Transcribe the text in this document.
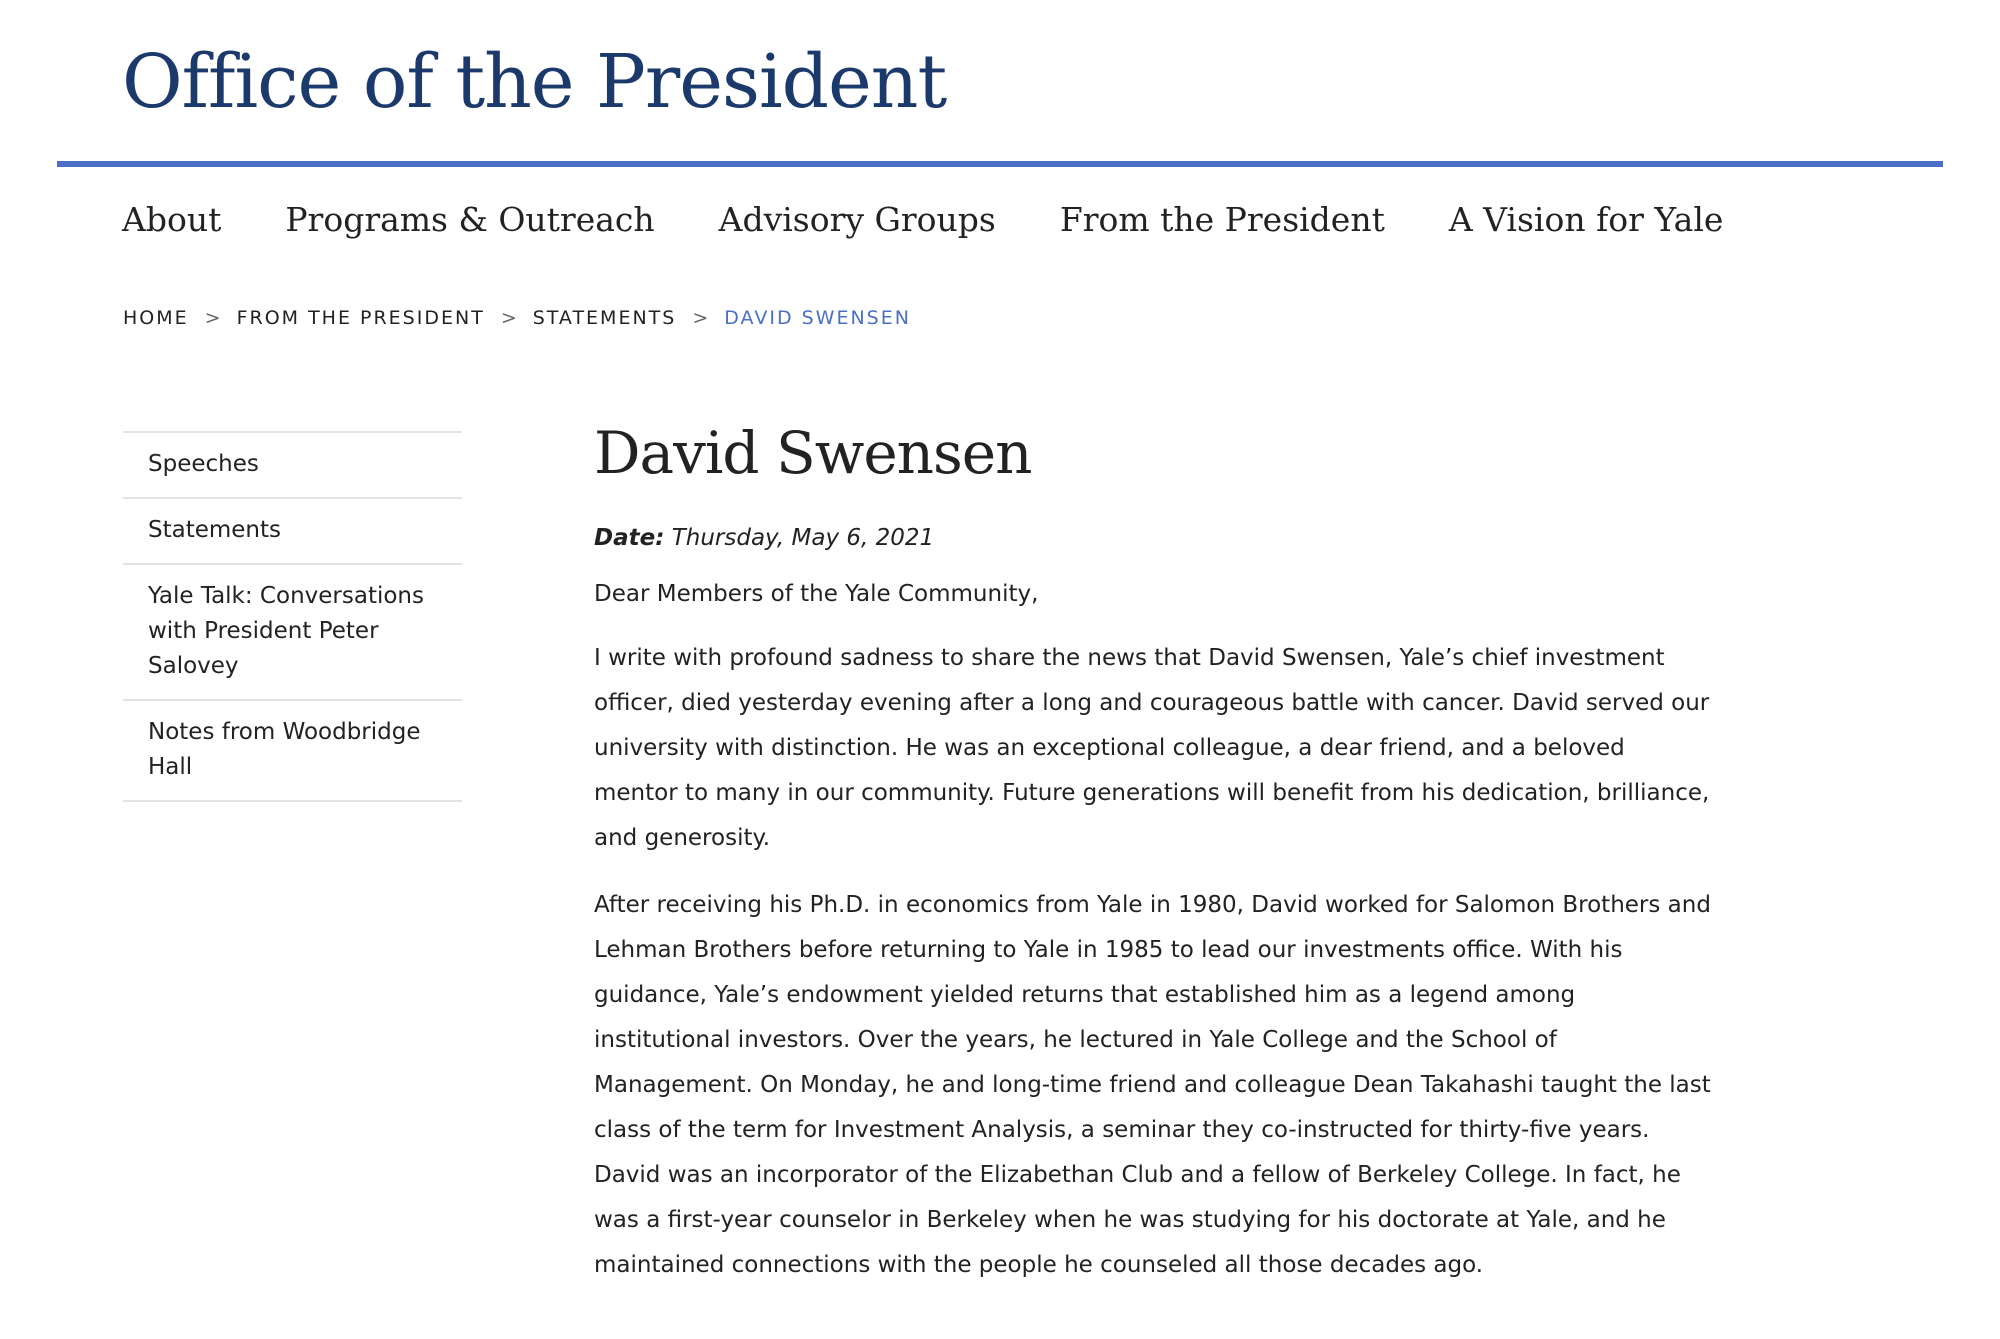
Office of the President
About Programs & Outreach Advisory Groups From the President A Vision for Yale
HOME > FROM THE PRESIDENT > STATEMENTS > DAVID SWENSEN
Speeches
Statements
Yale Talk: Conversations with President Peter Salovey
Notes from Woodbridge Hall
David Swensen

Date: Thursday, May 6, 2021

Dear Members of the Yale Community,

I write with profound sadness to share the news that David Swensen, Yale’s chief investment officer, died yesterday evening after a long and courageous battle with cancer. David served our university with distinction. He was an exceptional colleague, a dear friend, and a beloved mentor to many in our community. Future generations will benefit from his dedication, brilliance, and generosity.

After receiving his Ph.D. in economics from Yale in 1980, David worked for Salomon Brothers and Lehman Brothers before returning to Yale in 1985 to lead our investments office. With his guidance, Yale’s endowment yielded returns that established him as a legend among institutional investors. Over the years, he lectured in Yale College and the School of Management. On Monday, he and long-time friend and colleague Dean Takahashi taught the last class of the term for Investment Analysis, a seminar they co-instructed for thirty-five years. David was an incorporator of the Elizabethan Club and a fellow of Berkeley College. In fact, he was a first-year counselor in Berkeley when he was studying for his doctorate at Yale, and he maintained connections with the people he counseled all those decades ago.
